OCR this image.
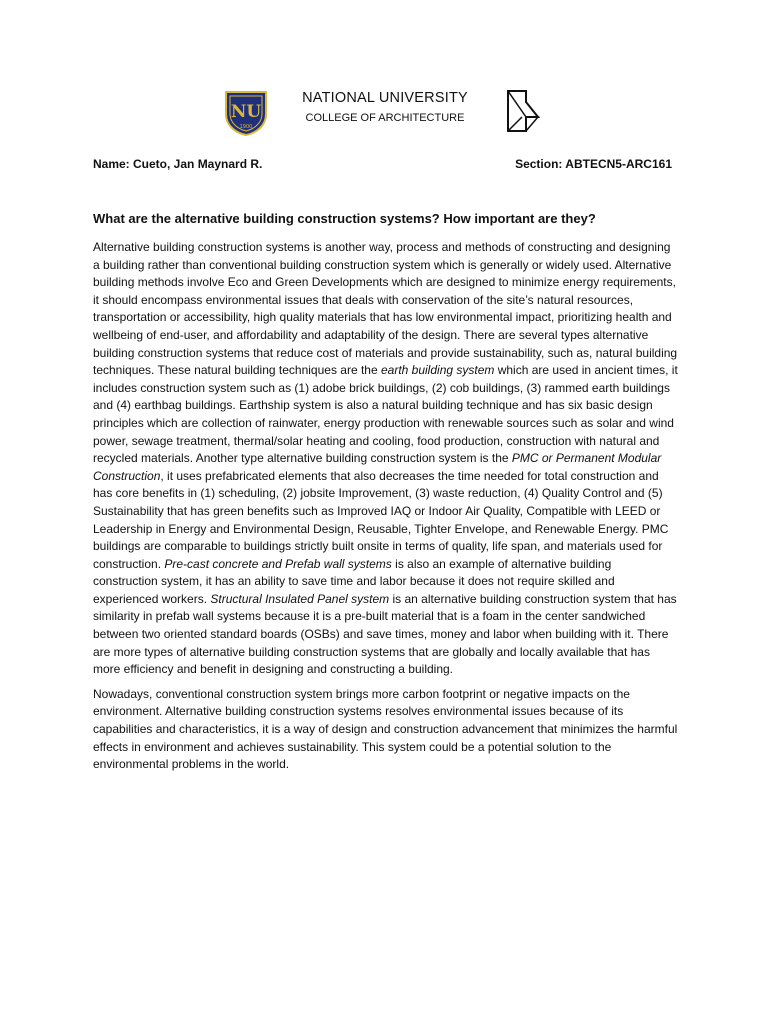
NU
1900

NATIONAL UNIVERSITY

COLLEGE OF ARCHITECTURE

Name: Cueto, Jan Maynard R.	Section: ABTECN5-ARC161
What are the alternative building construction systems? How important are they?

Alternative building construction systems is another way, process and methods of constructing and designing a building rather than conventional building construction system which is generally or widely used. Alternative building methods involve Eco and Green Developments which are designed to minimize energy requirements, it should encompass environmental issues that deals with conservation of the site’s natural resources, transportation or accessibility, high quality materials that has low environmental impact, prioritizing health and wellbeing of end-user, and affordability and adaptability of the design. There are several types alternative building construction systems that reduce cost of materials and provide sustainability, such as, natural building techniques. These natural building techniques are the earth building system which are used in ancient times, it includes construction system such as (1) adobe brick buildings, (2) cob buildings, (3) rammed earth buildings and (4) earthbag buildings. Earthship system is also a natural building technique and has six basic design principles which are collection of rainwater, energy production with renewable sources such as solar and wind power, sewage treatment, thermal/solar heating and cooling, food production, construction with natural and recycled materials. Another type alternative building construction system is the PMC or Permanent Modular Construction, it uses prefabricated elements that also decreases the time needed for total construction and has core benefits in (1) scheduling, (2) jobsite Improvement, (3) waste reduction, (4) Quality Control and (5) Sustainability that has green benefits such as Improved IAQ or Indoor Air Quality, Compatible with LEED or Leadership in Energy and Environmental Design, Reusable, Tighter Envelope, and Renewable Energy. PMC buildings are comparable to buildings strictly built onsite in terms of quality, life span, and materials used for construction. Pre-cast concrete and Prefab wall systems is also an example of alternative building construction system, it has an ability to save time and labor because it does not require skilled and experienced workers. Structural Insulated Panel system is an alternative building construction system that has similarity in prefab wall systems because it is a pre-built material that is a foam in the center sandwiched between two oriented standard boards (OSBs) and save times, money and labor when building with it. There are more types of alternative building construction systems that are globally and locally available that has more efficiency and benefit in designing and constructing a building.

Nowadays, conventional construction system brings more carbon footprint or negative impacts on the environment. Alternative building construction systems resolves environmental issues because of its capabilities and characteristics, it is a way of design and construction advancement that minimizes the harmful effects in environment and achieves sustainability. This system could be a potential solution to the environmental problems in the world.
